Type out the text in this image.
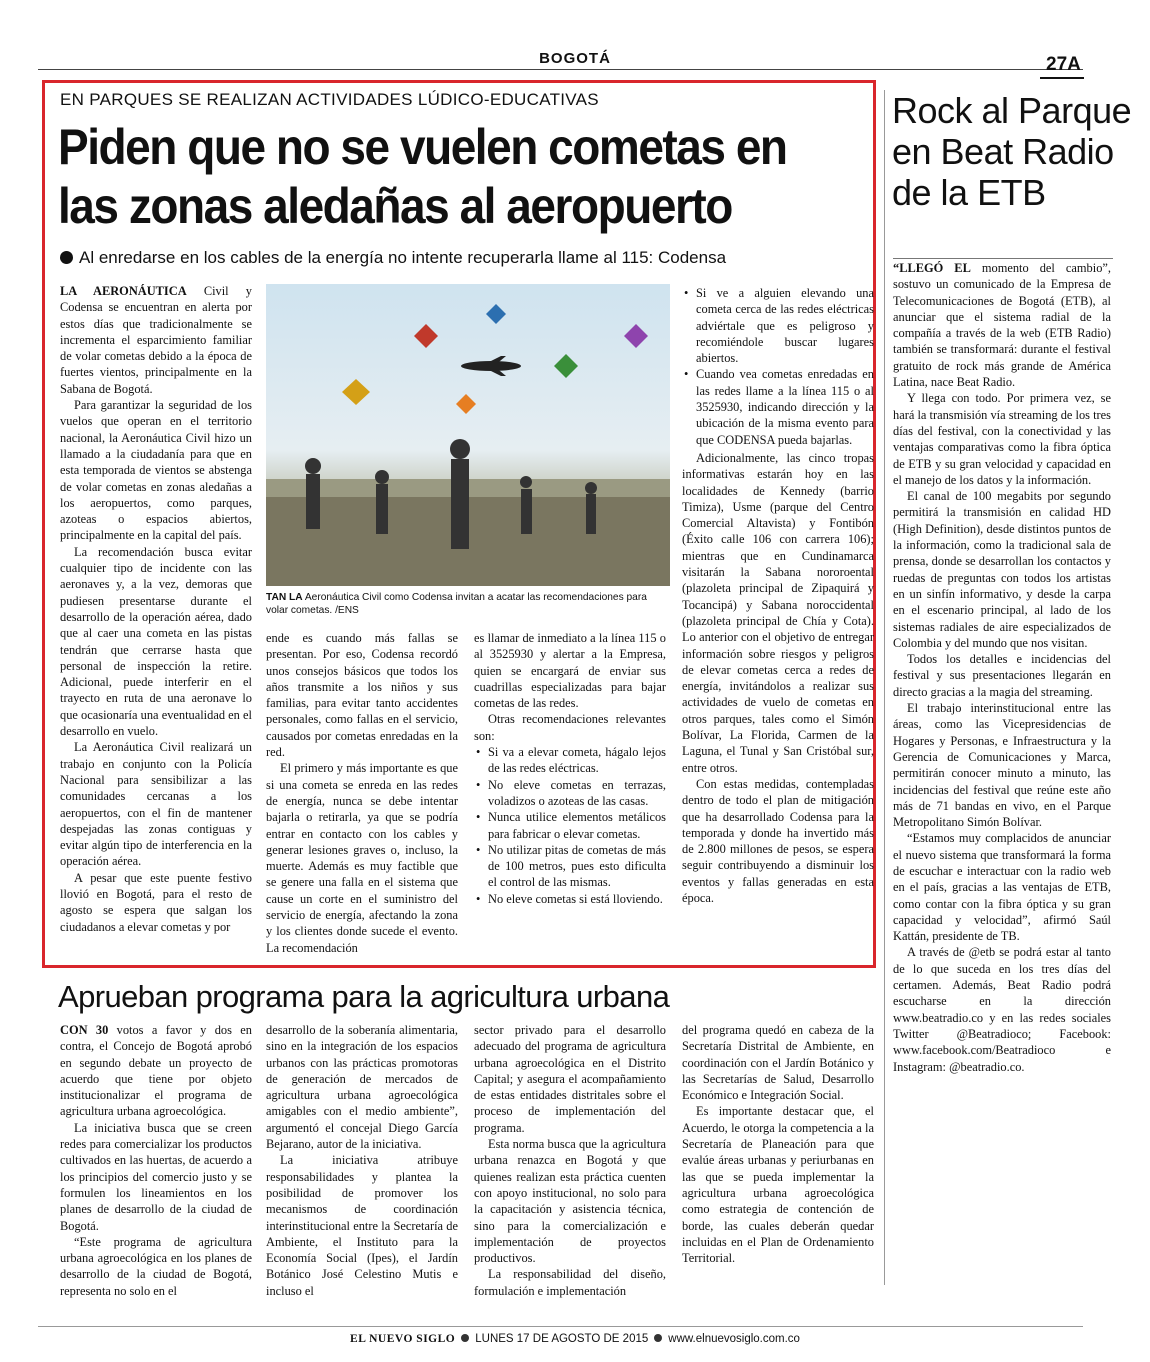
BOGOTÁ	27A
EN PARQUES SE REALIZAN ACTIVIDADES LÚDICO-EDUCATIVAS
Piden que no se vuelen cometas en las zonas aledañas al aeropuerto
Al enredarse en los cables de la energía no intente recuperarla llame al 115: Codensa

LA AERONÁUTICA Civil y Codensa se encuentran en alerta por estos días que tradicionalmente se incrementa el esparcimiento familiar de volar cometas debido a la época de fuertes vientos, principalmente en la Sabana de Bogotá.

Para garantizar la seguridad de los vuelos que operan en el territorio nacional, la Aeronáutica Civil hizo un llamado a la ciudadanía para que en esta temporada de vientos se abstenga de volar cometas en zonas aledañas a los aeropuertos, como parques, azoteas o espacios abiertos, principalmente en la capital del país.

La recomendación busca evitar cualquier tipo de incidente con las aeronaves y, a la vez, demoras que pudiesen presentarse durante el desarrollo de la operación aérea, dado que al caer una cometa en las pistas tendrán que cerrarse hasta que personal de inspección la retire. Adicional, puede interferir en el trayecto en ruta de una aeronave lo que ocasionaría una eventualidad en el desarrollo en vuelo.

La Aeronáutica Civil realizará un trabajo en conjunto con la Policía Nacional para sensibilizar a las comunidades cercanas a los aeropuertos, con el fin de mantener despejadas las zonas contiguas y evitar algún tipo de interferencia en la operación aérea.

A pesar que este puente festivo llovió en Bogotá, para el resto de agosto se espera que salgan los ciudadanos a elevar cometas y por

TAN LA Aeronáutica Civil como Codensa invitan a acatar las recomendaciones para volar cometas. /ENS

ende es cuando más fallas se presentan. Por eso, Codensa recordó unos consejos básicos que todos los años transmite a los niños y sus familias, para evitar tanto accidentes personales, como fallas en el servicio, causados por cometas enredadas en la red.

El primero y más importante es que si una cometa se enreda en las redes de energía, nunca se debe intentar bajarla o retirarla, ya que se podría entrar en contacto con los cables y generar lesiones graves o, incluso, la muerte. Además es muy factible que se genere una falla en el sistema que cause un corte en el suministro del servicio de energía, afectando la zona y los clientes donde sucede el evento. La recomendación

es llamar de inmediato a la línea 115 o al 3525930 y alertar a la Empresa, quien se encargará de enviar sus cuadrillas especializadas para bajar cometas de las redes.

Otras recomendaciones relevantes son:

• Si va a elevar cometa, hágalo lejos de las redes eléctricas.
• No eleve cometas en terrazas, voladizos o azoteas de las casas.
• Nunca utilice elementos metálicos para fabricar o elevar cometas.
• No utilizar pitas de cometas de más de 100 metros, pues esto dificulta el control de las mismas.
• No eleve cometas si está lloviendo.
• Si ve a alguien elevando una cometa cerca de las redes eléctricas adviértale que es peligroso y recomiéndole buscar lugares abiertos.
• Cuando vea cometas enredadas en las redes llame a la línea 115 o al 3525930, indicando dirección y la ubicación de la misma evento para que CODENSA pueda bajarlas.

Adicionalmente, las cinco tropas informativas estarán hoy en las localidades de Kennedy (barrio Timiza), Usme (parque del Centro Comercial Altavista) y Fontibón (Éxito calle 106 con carrera 106); mientras que en Cundinamarca visitarán la Sabana nororoental (plazoleta principal de Zipaquirá y Tocancipá) y Sabana noroccidental (plazoleta principal de Chía y Cota). Lo anterior con el objetivo de entregar información sobre riesgos y peligros de elevar cometas cerca a redes de energía, invitándolos a realizar sus actividades de vuelo de cometas en otros parques, tales como el Simón Bolívar, La Florida, Carmen de la Laguna, el Tunal y San Cristóbal sur, entre otros.

Con estas medidas, contempladas dentro de todo el plan de mitigación que ha desarrollado Codensa para la temporada y donde ha invertido más de 2.800 millones de pesos, se espera seguir contribuyendo a disminuir los eventos y fallas generadas en esta época.

Rock al Parque en Beat Radio de la ETB

“LLEGÓ EL momento del cambio”, sostuvo un comunicado de la Empresa de Telecomunicaciones de Bogotá (ETB), al anunciar que el sistema radial de la compañía a través de la web (ETB Radio) también se transformará: durante el festival gratuito de rock más grande de América Latina, nace Beat Radio.

Y llega con todo. Por primera vez, se hará la transmisión vía streaming de los tres días del festival, con la conectividad y las ventajas comparativas como la fibra óptica de ETB y su gran velocidad y capacidad en el manejo de los datos y la información.

El canal de 100 megabits por segundo permitirá la transmisión en calidad HD (High Definition), desde distintos puntos de la información, como la tradicional sala de prensa, donde se desarrollan los contactos y ruedas de preguntas con todos los artistas en un sinfín informativo, y desde la carpa en el escenario principal, al lado de los sistemas radiales de aire especializados de Colombia y del mundo que nos visitan.

Todos los detalles e incidencias del festival y sus presentaciones llegarán en directo gracias a la magia del streaming.

El trabajo interinstitucional entre las áreas, como las Vicepresidencias de Hogares y Personas, e Infraestructura y la Gerencia de Comunicaciones y Marca, permitirán conocer minuto a minuto, las incidencias del festival que reúne este año más de 71 bandas en vivo, en el Parque Metropolitano Simón Bolívar.

“Estamos muy complacidos de anunciar el nuevo sistema que transformará la forma de escuchar e interactuar con la radio web en el país, gracias a las ventajas de ETB, como contar con la fibra óptica y su gran capacidad y velocidad”, afirmó Saúl Kattán, presidente de TB.

A través de @etb se podrá estar al tanto de lo que suceda en los tres días del certamen. Además, Beat Radio podrá escucharse en la dirección www.beatradio.co y en las redes sociales Twitter @Beatradioco; Facebook: www.facebook.com/Beatradioco e Instagram: @beatradio.co.

Aprueban programa para la agricultura urbana

CON 30 votos a favor y dos en contra, el Concejo de Bogotá aprobó en segundo debate un proyecto de acuerdo que tiene por objeto institucionalizar el programa de agricultura urbana agroecológica.

La iniciativa busca que se creen redes para comercializar los productos cultivados en las huertas, de acuerdo a los principios del comercio justo y se formulen los lineamientos en los planes de desarrollo de la ciudad de Bogotá.

“Este programa de agricultura urbana agroecológica en los planes de desarrollo de la ciudad de Bogotá, representa no solo en el

desarrollo de la soberanía alimentaria, sino en la integración de los espacios urbanos con las prácticas promotoras de generación de mercados de agricultura urbana agroecológica amigables con el medio ambiente”, argumentó el concejal Diego García Bejarano, autor de la iniciativa.

La iniciativa atribuye responsabilidades y plantea la posibilidad de promover los mecanismos de coordinación interinstitucional entre la Secretaría de Ambiente, el Instituto para la Economía Social (Ipes), el Jardín Botánico José Celestino Mutis e incluso el

sector privado para el desarrollo adecuado del programa de agricultura urbana agroecológica en el Distrito Capital; y asegura el acompañamiento de estas entidades distritales sobre el proceso de implementación del programa.

Esta norma busca que la agricultura urbana renazca en Bogotá y que quienes realizan esta práctica cuenten con apoyo institucional, no solo para la capacitación y asistencia técnica, sino para la comercialización e implementación de proyectos productivos.

La responsabilidad del diseño, formulación e implementación

del programa quedó en cabeza de la Secretaría Distrital de Ambiente, en coordinación con el Jardín Botánico y las Secretarías de Salud, Desarrollo Económico e Integración Social.

Es importante destacar que, el Acuerdo, le otorga la competencia a la Secretaría de Planeación para que evalúe áreas urbanas y periurbanas en las que se pueda implementar la agricultura urbana agroecológica como estrategia de contención de borde, las cuales deberán quedar incluidas en el Plan de Ordenamiento Territorial.

EL NUEVO SIGLO LUNES 17 DE AGOSTO DE 2015 www.elnuevosiglo.com.co
